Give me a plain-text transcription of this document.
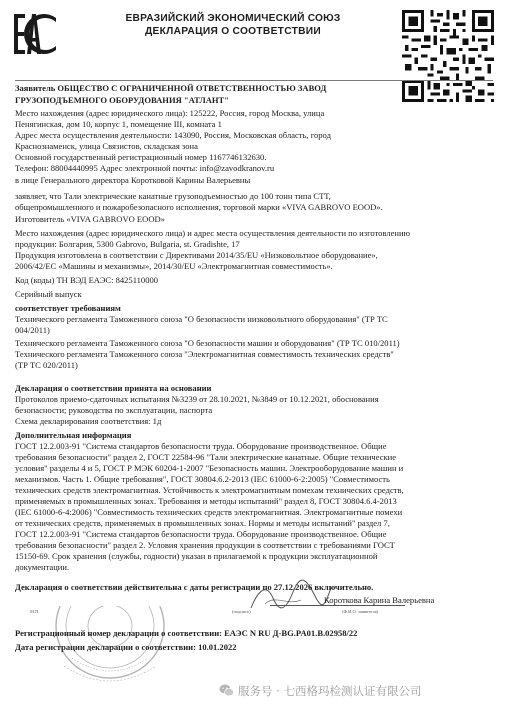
ЕВРАЗИЙСКИЙ ЭКОНОМИЧЕСКИЙ СОЮЗ
ДЕКЛАРАЦИЯ О СООТВЕТСТВИИ
Заявитель ОБЩЕСТВО С ОГРАНИЧЕННОЙ ОТВЕТСТВЕННОСТЬЮ ЗАВОД
ГРУЗОПОДЪЕМНОГО ОБОРУДОВАНИЯ "АТЛАНТ"
Место нахождения (адрес юридического лица): 125222, Россия, город Москва, улица
Пенягинская, дом 10, корпус 1, помещение III, комната 1
Адрес места осуществления деятельности: 143090, Россия, Московская область, город
Краснознаменск, улица Связистов, складская зона
Основной государственный регистрационный номер 1167746132630.
Телефон: 88004440995 Адрес электронной почты: info@zavodkranov.ru
в лице Генерального директора Коротковой Карины Валерьевны
заявляет, что Тали электрические канатные грузоподъемностью до 100 тонн типа СТТ,
общепромышленного и пожаробезопасного исполнения, торговой марки «VIVA GABROVO EOOD».
Изготовитель «VIVA GABROVO EOOD»
Место нахождения (адрес юридического лица) и адрес места осуществления деятельности по изготовлению
продукции: Болгария, 5300 Gabrovo, Bulgaria, st. Gradishte, 17
Продукция изготовлена в соответствии с Директивами 2014/35/EU «Низковольтное оборудование»,
2006/42/ЕС «Машины и механизмы», 2014/30/EU «Электромагнитная совместимость».
Код (коды) ТН ВЭД ЕАЭС: 8425110000
Серийный выпуск
соответствует требованиям
Технического регламента Таможенного союза "О безопасности низковольтного оборудования" (ТР ТС
004/2011)
Технического регламента Таможенного союза "О безопасности машин и оборудования" (ТР ТС 010/2011)
Технического регламента Таможенного союза "Электромагнитная совместимость технических средств"
(ТР ТС 020/2011)
Декларация о соответствии принята на основании
Протоколов приемо-сдаточных испытания №3239 от 28.10.2021, №3849 от 10.12.2021, обоснования
безопасности; руководства по эксплуатации, паспорта
Схема декларирования соответствия: 1д
Дополнительная информация
ГОСТ 12.2.003-91 "Система стандартов безопасности труда. Оборудование производственное. Общие
требования безопасности" раздел 2, ГОСТ 22584-96 "Тали электрические канатные. Общие технические
условия" разделы 4 и 5, ГОСТ Р МЭК 60204-1-2007 "Безопасность машин. Электрооборудование машин и
механизмов. Часть 1. Общие требования", ГОСТ 30804.6.2-2013 (IEC 61000-6-2:2005) "Совместимость
технических средств электромагнитная. Устойчивость к электромагнитным помехам технических средств,
применяемых в промышленных зонах. Требования и методы испытаний" раздел 8, ГОСТ 30804.6.4-2013
(IEC 61000-6-4:2006) "Совместимость технических средств электромагнитная. Электромагнитные помехи
от технических средств, применяемых в промышленных зонах. Нормы и методы испытаний" раздел 7,
ГОСТ 12.2.003-91 "Система стандартов безопасности труда. Оборудование производственное. Общие
требования безопасности" раздел 2. Условия хранения продукции в соответствии с требованиями ГОСТ
15150-69. Срок хранения (службы, годности) указан в прилагаемой к продукции эксплуатационной
документации.
Декларация о соответствии действительна с даты регистрации по 27.12.2026 включительно.
Короткова Карина Валерьевна
(подпись)	(Ф.И.О. заявителя)
М.П.
Регистрационный номер декларации о соответствии: ЕАЭС N RU Д-BG.PA01.B.02958/22
Дата регистрации декларации о соответствии: 10.01.2022
服务号 · 七西格玛检测认证有限公司
